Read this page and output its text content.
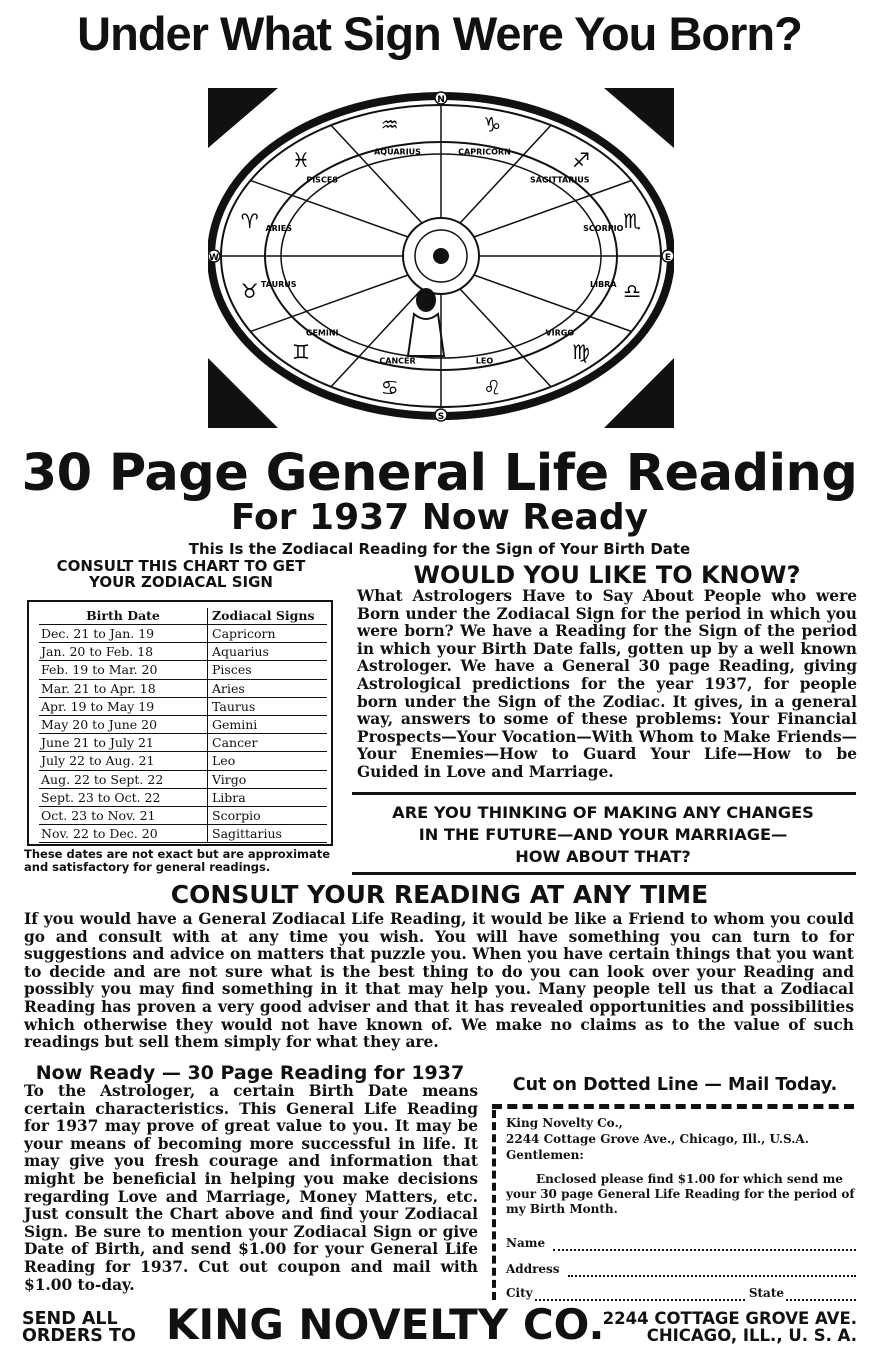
Under What Sign Were You Born?
N
E
S
W
CAPRICORN
♑
SAGITTARIUS
♐
SCORPIO ♏
LIBRA ♎
VIRGO
♍
LEO
♌
CANCER
♋
GEMINI
♊
TAURUS
♉
ARIES
♈
PISCES
♓	AQUARIUS
♒
30 Page General Life Reading
For 1937 Now Ready
This Is the Zodiacal Reading for the Sign of Your Birth Date
CONSULT THIS CHART TO GET
YOUR ZODIACAL SIGN
Birth Date	Zodiacal Signs
Dec. 21 to Jan. 19	Capricorn
Jan. 20 to Feb. 18	Aquarius
Feb. 19 to Mar. 20	Pisces
Mar. 21 to Apr. 18	Aries
Apr. 19 to May 19	Taurus
May 20 to June 20	Gemini
June 21 to July 21	Cancer
July 22 to Aug. 21	Leo
Aug. 22 to Sept. 22	Virgo
Sept. 23 to Oct. 22	Libra
Oct. 23 to Nov. 21	Scorpio
Nov. 22 to Dec. 20	Sagittarius
These dates are not exact but are approximate and satisfactory for general readings.
WOULD YOU LIKE TO KNOW?
What Astrologers Have to Say About People who were Born under the Zodiacal Sign for the period in which you were born? We have a Reading for the Sign of the period in which your Birth Date falls, gotten up by a well known Astrologer. We have a General 30 page Reading, giving Astrological predictions for the year 1937, for people born under the Sign of the Zodiac. It gives, in a general way, answers to some of these problems: Your Financial Prospects—Your Vocation—With Whom to Make Friends—Your Enemies—How to Guard Your Life—How to be Guided in Love and Marriage.
ARE YOU THINKING OF MAKING ANY CHANGES
IN THE FUTURE—AND YOUR MARRIAGE—
HOW ABOUT THAT?
CONSULT YOUR READING AT ANY TIME
If you would have a General Zodiacal Life Reading, it would be like a Friend to whom you could go and consult with at any time you wish. You will have something you can turn to for suggestions and advice on matters that puzzle you. When you have certain things that you want to decide and are not sure what is the best thing to do you can look over your Reading and possibly you may find something in it that may help you. Many people tell us that a Zodiacal Reading has proven a very good adviser and that it has revealed opportunities and possibilities which otherwise they would not have known of. We make no claims as to the value of such readings but sell them simply for what they are.
Now Ready — 30 Page Reading for 1937
To the Astrologer, a certain Birth Date means certain characteristics. This General Life Reading for 1937 may prove of great value to you. It may be your means of becoming more successful in life. It may give you fresh courage and information that might be beneficial in helping you make decisions regarding Love and Marriage, Money Matters, etc. Just consult the Chart above and find your Zodiacal Sign. Be sure to mention your Zodiacal Sign or give Date of Birth, and send $1.00 for your General Life Reading for 1937. Cut out coupon and mail with $1.00 to-day.
Cut on Dotted Line — Mail Today.
King Novelty Co.,
2244 Cottage Grove Ave., Chicago, Ill., U.S.A.
Gentlemen:
Enclosed please find $1.00 for which send me your 30 page General Life Reading for the period of my Birth Month.
Name
Address
City	State
SEND ALL
ORDERS TO KING NOVELTY CO.
2244 COTTAGE GROVE AVE.
CHICAGO, ILL., U. S. A.
